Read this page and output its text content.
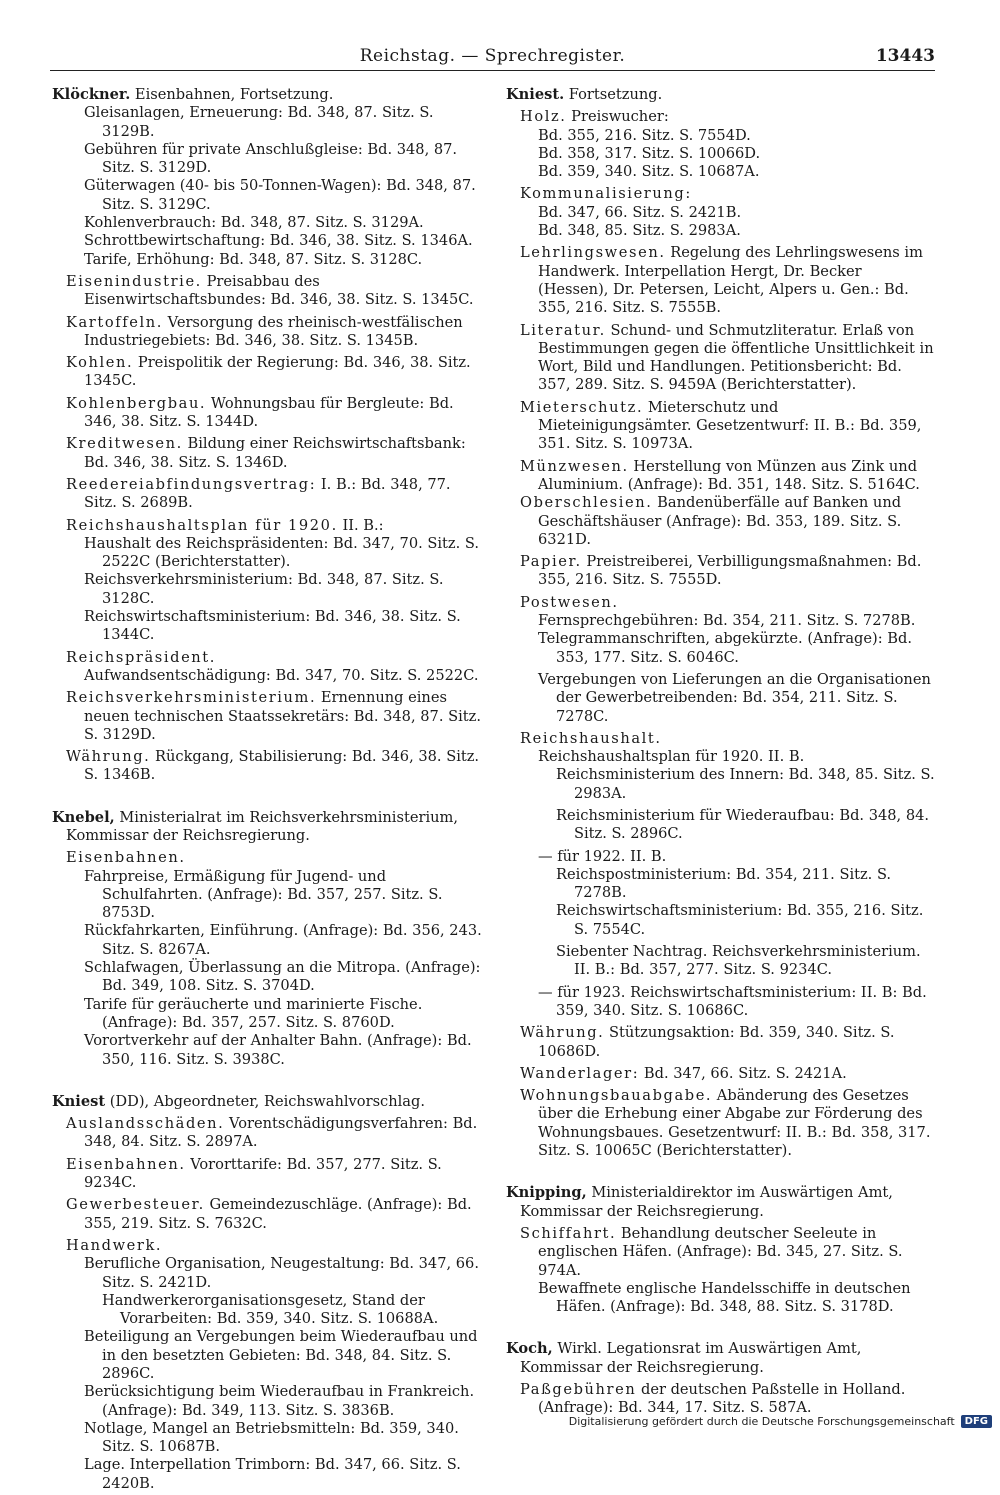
Reichstag. — Sprechregister.	13443
Klöckner. Eisenbahnen, Fortsetzung.
Gleisanlagen, Erneuerung: Bd. 348, 87. Sitz. S. 3129B.
Gebühren für private Anschlußgleise: Bd. 348, 87. Sitz. S. 3129D.
Güterwagen (40- bis 50-Tonnen-Wagen): Bd. 348, 87. Sitz. S. 3129C.
Kohlenverbrauch: Bd. 348, 87. Sitz. S. 3129A.
Schrottbewirtschaftung: Bd. 346, 38. Sitz. S. 1346A.
Tarife, Erhöhung: Bd. 348, 87. Sitz. S. 3128C.
Eisenindustrie. Preisabbau des Eisenwirtschaftsbundes: Bd. 346, 38. Sitz. S. 1345C.
Kartoffeln. Versorgung des rheinisch-westfälischen Industriegebiets: Bd. 346, 38. Sitz. S. 1345B.
Kohlen. Preispolitik der Regierung: Bd. 346, 38. Sitz. 1345C.
Kohlenbergbau. Wohnungsbau für Bergleute: Bd. 346, 38. Sitz. S. 1344D.
Kreditwesen. Bildung einer Reichswirtschaftsbank: Bd. 346, 38. Sitz. S. 1346D.
Reedereiabfindungsvertrag: I. B.: Bd. 348, 77. Sitz. S. 2689B.
Reichshaushaltsplan für 1920. II. B.:
Haushalt des Reichspräsidenten: Bd. 347, 70. Sitz. S. 2522C (Berichterstatter).
Reichsverkehrsministerium: Bd. 348, 87. Sitz. S. 3128C.
Reichswirtschaftsministerium: Bd. 346, 38. Sitz. S. 1344C.
Reichspräsident.
Aufwandsentschädigung: Bd. 347, 70. Sitz. S. 2522C.
Reichsverkehrsministerium. Ernennung eines neuen technischen Staatssekretärs: Bd. 348, 87. Sitz. S. 3129D.
Währung. Rückgang, Stabilisierung: Bd. 346, 38. Sitz. S. 1346B.
Knebel, Ministerialrat im Reichsverkehrsministerium, Kommissar der Reichsregierung.
Eisenbahnen.
Fahrpreise, Ermäßigung für Jugend- und Schulfahrten. (Anfrage): Bd. 357, 257. Sitz. S. 8753D.
Rückfahrkarten, Einführung. (Anfrage): Bd. 356, 243. Sitz. S. 8267A.
Schlafwagen, Überlassung an die Mitropa. (Anfrage): Bd. 349, 108. Sitz. S. 3704D.
Tarife für geräucherte und marinierte Fische. (Anfrage): Bd. 357, 257. Sitz. S. 8760D.
Vorortverkehr auf der Anhalter Bahn. (Anfrage): Bd. 350, 116. Sitz. S. 3938C.
Kniest (DD), Abgeordneter, Reichswahlvorschlag.
Auslandsschäden. Vorentschädigungsverfahren: Bd. 348, 84. Sitz. S. 2897A.
Eisenbahnen. Vororttarife: Bd. 357, 277. Sitz. S. 9234C.
Gewerbesteuer. Gemeindezuschläge. (Anfrage): Bd. 355, 219. Sitz. S. 7632C.
Handwerk.
Berufliche Organisation, Neugestaltung: Bd. 347, 66. Sitz. S. 2421D.
Handwerkerorganisationsgesetz, Stand der Vorarbeiten: Bd. 359, 340. Sitz. S. 10688A.
Beteiligung an Vergebungen beim Wiederaufbau und in den besetzten Gebieten: Bd. 348, 84. Sitz. S. 2896C.
Berücksichtigung beim Wiederaufbau in Frankreich. (Anfrage): Bd. 349, 113. Sitz. S. 3836B.
Notlage, Mangel an Betriebsmitteln: Bd. 359, 340. Sitz. S. 10687B.
Lage. Interpellation Trimborn: Bd. 347, 66. Sitz. S. 2420B.
Kniest. Fortsetzung.
Holz. Preiswucher:
Bd. 355, 216. Sitz. S. 7554D.
Bd. 358, 317. Sitz. S. 10066D.
Bd. 359, 340. Sitz. S. 10687A.
Kommunalisierung:
Bd. 347, 66. Sitz. S. 2421B.
Bd. 348, 85. Sitz. S. 2983A.
Lehrlingswesen. Regelung des Lehrlingswesens im Handwerk. Interpellation Hergt, Dr. Becker (Hessen), Dr. Petersen, Leicht, Alpers u. Gen.: Bd. 355, 216. Sitz. S. 7555B.
Literatur. Schund- und Schmutzliteratur. Erlaß von Bestimmungen gegen die öffentliche Unsittlichkeit in Wort, Bild und Handlungen. Petitionsbericht: Bd. 357, 289. Sitz. S. 9459A (Berichterstatter).
Mieterschutz. Mieterschutz und Mieteinigungsämter. Gesetzentwurf: II. B.: Bd. 359, 351. Sitz. S. 10973A.
Münzwesen. Herstellung von Münzen aus Zink und Aluminium. (Anfrage): Bd. 351, 148. Sitz. S. 5164C.
Oberschlesien. Bandenüberfälle auf Banken und Geschäftshäuser (Anfrage): Bd. 353, 189. Sitz. S. 6321D.
Papier. Preistreiberei, Verbilligungsmaßnahmen: Bd. 355, 216. Sitz. S. 7555D.
Postwesen.
Fernsprechgebühren: Bd. 354, 211. Sitz. S. 7278B.
Telegrammanschriften, abgekürzte. (Anfrage): Bd. 353, 177. Sitz. S. 6046C.
Vergebungen von Lieferungen an die Organisationen der Gewerbetreibenden: Bd. 354, 211. Sitz. S. 7278C.
Reichshaushalt.
Reichshaushaltsplan für 1920. II. B.
Reichsministerium des Innern: Bd. 348, 85. Sitz. S. 2983A.
Reichsministerium für Wiederaufbau: Bd. 348, 84. Sitz. S. 2896C.
— für 1922. II. B.
Reichspostministerium: Bd. 354, 211. Sitz. S. 7278B.
Reichswirtschaftsministerium: Bd. 355, 216. Sitz. S. 7554C.
Siebenter Nachtrag. Reichsverkehrsministerium. II. B.: Bd. 357, 277. Sitz. S. 9234C.
— für 1923. Reichswirtschaftsministerium: II. B: Bd. 359, 340. Sitz. S. 10686C.
Währung. Stützungsaktion: Bd. 359, 340. Sitz. S. 10686D.
Wanderlager: Bd. 347, 66. Sitz. S. 2421A.
Wohnungsbauabgabe. Abänderung des Gesetzes über die Erhebung einer Abgabe zur Förderung des Wohnungsbaues. Gesetzentwurf: II. B.: Bd. 358, 317. Sitz. S. 10065C (Berichterstatter).
Knipping, Ministerialdirektor im Auswärtigen Amt, Kommissar der Reichsregierung.
Schiffahrt. Behandlung deutscher Seeleute in englischen Häfen. (Anfrage): Bd. 345, 27. Sitz. S. 974A.
Bewaffnete englische Handelsschiffe in deutschen Häfen. (Anfrage): Bd. 348, 88. Sitz. S. 3178D.
Koch, Wirkl. Legationsrat im Auswärtigen Amt, Kommissar der Reichsregierung.
Paßgebühren der deutschen Paßstelle in Holland. (Anfrage): Bd. 344, 17. Sitz. S. 587A.
Digitalisierung gefördert durch die Deutsche Forschungsgemeinschaft	DFG
